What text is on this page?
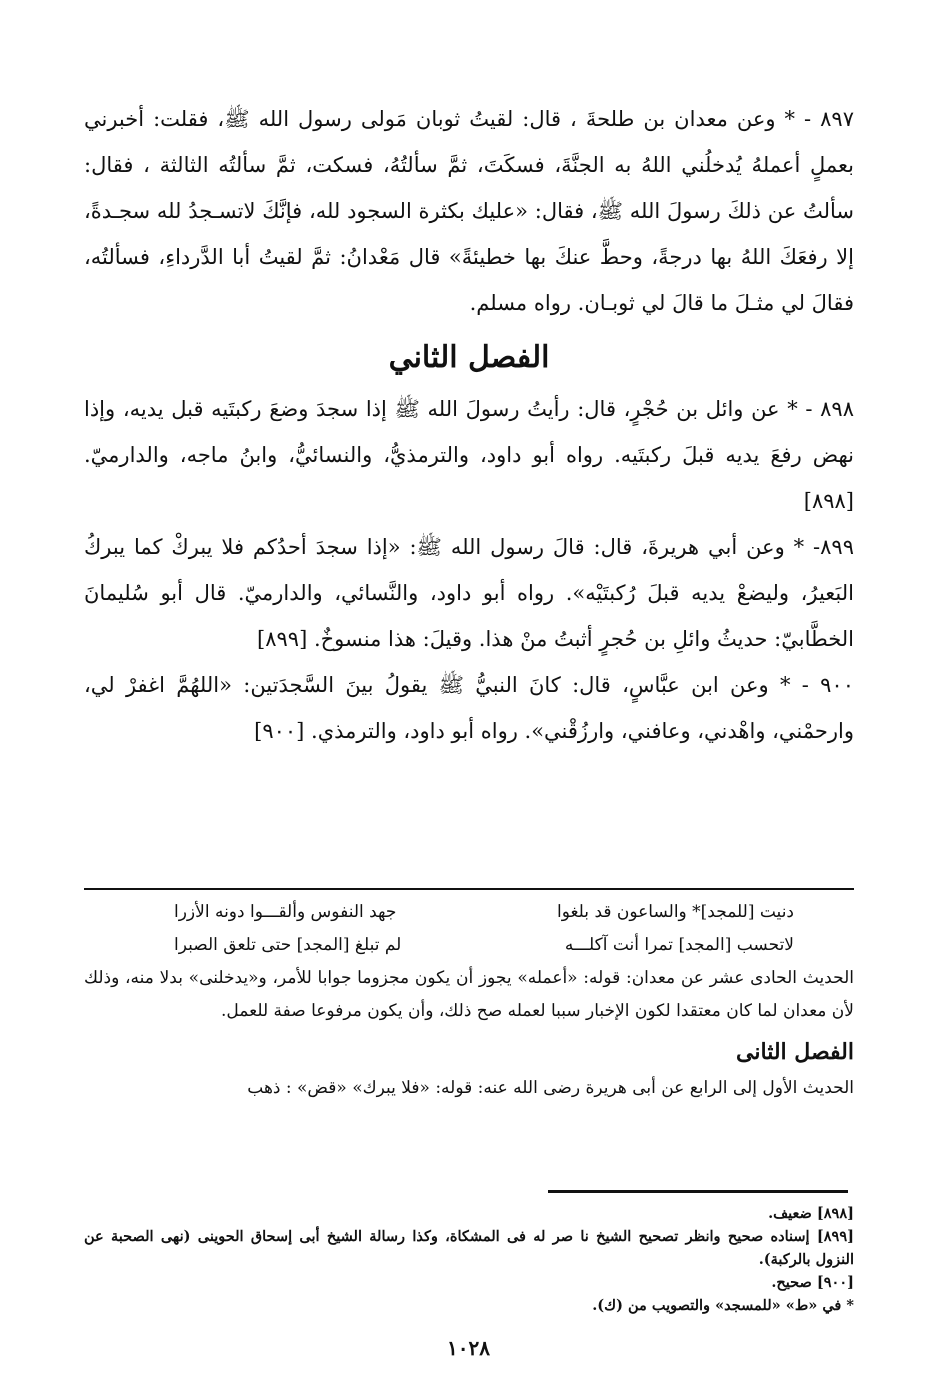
٨٩٧ - * وعن معدان بن طلحةَ ، قال: لقيتُ ثوبان مَولى رسول الله ﷺ، فقلت: أخبرني بعملٍ أعملهُ يُدخلُني اللهُ به الجنَّةَ، فسكَتَ، ثمَّ سألتُهُ، فسكت، ثمَّ سألتُه الثالثة ، فقال: سألتُ عن ذلكَ رسولَ الله ﷺ، فقال: «عليك بكثرة السجود لله، فإنَّكَ لاتسـجدُ لله سجـدةً، إلا رفعَكَ اللهُ بها درجةً، وحطَّ عنكَ بها خطيئةً» قال مَعْدانُ: ثمَّ لقيتُ أبا الدَّرداءِ، فسألتُه، فقالَ لي مثـلَ ما قالَ لي ثوبـان. رواه مسلم.

الفصل الثاني

٨٩٨ - * عن وائل بن حُجْرٍ، قال: رأيتُ رسولَ الله ﷺ إذا سجدَ وضعَ ركبتَيه قبل يديه، وإذا نهض رفعَ يديه قبلَ ركبتَيه. رواه أبو داود، والترمذيُّ، والنسائيُّ، وابنُ ماجه، والدارميّ. [٨٩٨]

٨٩٩- * وعن أبي هريرةَ، قال: قالَ رسول الله ﷺ: «إذا سجدَ أحدُكم فلا يبركْ كما يبركُ البَعيرُ، وليضعْ يديه قبلَ رُكبتَيْه». رواه أبو داود، والنَّسائي، والدارميّ. قال أبو سُليمانَ الخطَّابيّ: حديثُ وائلِ بن حُجرٍ أثبتُ منْ هذا. وقيلَ: هذا منسوخٌ. [٨٩٩]

٩٠٠ - * وعن ابن عبَّاسٍ، قال: كانَ النبيُّ ﷺ يقولُ بينَ السَّجدَتين: «اللهُمَّ اغفرْ لي، وارحمْني، واهْدني، وعافني، وارزُقْني». رواه أبو داود، والترمذي. [٩٠٠]

دنيت [للمجد]* والساعون قد بلغوا
جهد النفوس وألقـــوا دونه الأزرا
لاتحسب [المجد] تمرا أنت آكلـــه
لم تبلغ [المجد] حتى تلعق الصبرا

الحديث الحادى عشر عن معدان: قوله: «أعمله» يجوز أن يكون مجزوما جوابا للأمر، و«يدخلنى» بدلا منه، وذلك لأن معدان لما كان معتقدا لكون الإخبار سببا لعمله صح ذلك، وأن يكون مرفوعا صفة للعمل.

الفصل الثانى

الحديث الأول إلى الرابع عن أبى هريرة رضى الله عنه: قوله: «فلا يبرك» «قض» : ذهب

[٨٩٨] ضعيف.

[٨٩٩] إسناده صحيح وانظر تصحيح الشيخ نا صر له فى المشكاة، وكذا رسالة الشيخ أبى إسحاق الحوينى (نهى الصحبة عن النزول بالركبة).

[٩٠٠] صحيح.

* في «ط» «للمسجد» والتصويب من (ك).

١٠٢٨
